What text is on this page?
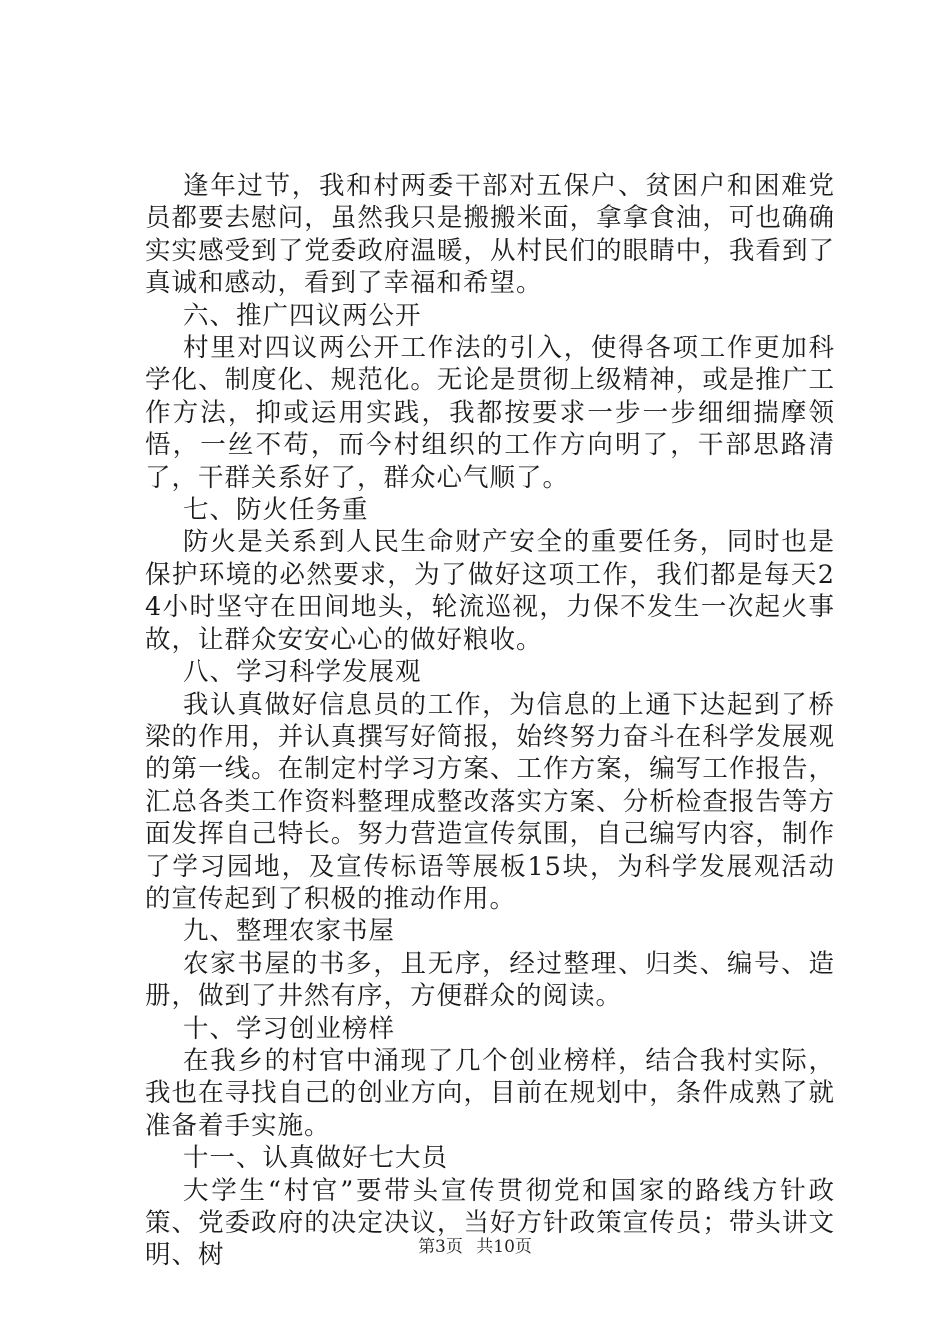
逢年过节，我和村两委干部对五保户、贫困户和困难党员都要去慰问，虽然我只是搬搬米面，拿拿食油，可也确确实实感受到了党委政府温暖，从村民们的眼睛中，我看到了真诚和感动，看到了幸福和希望。

六、推广四议两公开

村里对四议两公开工作法的引入，使得各项工作更加科学化、制度化、规范化。无论是贯彻上级精神，或是推广工作方法，抑或运用实践，我都按要求一步一步细细揣摩领悟，一丝不苟，而今村组织的工作方向明了，干部思路清了，干群关系好了，群众心气顺了。

七、防火任务重

防火是关系到人民生命财产安全的重要任务，同时也是保护环境的必然要求，为了做好这项工作，我们都是每天24小时坚守在田间地头，轮流巡视，力保不发生一次起火事故，让群众安安心心的做好粮收。

八、学习科学发展观

我认真做好信息员的工作，为信息的上通下达起到了桥梁的作用，并认真撰写好简报，始终努力奋斗在科学发展观的第一线。在制定村学习方案、工作方案，编写工作报告，汇总各类工作资料整理成整改落实方案、分析检查报告等方面发挥自己特长。努力营造宣传氛围，自己编写内容，制作了学习园地，及宣传标语等展板15块，为科学发展观活动的宣传起到了积极的推动作用。

九、整理农家书屋

农家书屋的书多，且无序，经过整理、归类、编号、造册，做到了井然有序，方便群众的阅读。

十、学习创业榜样

在我乡的村官中涌现了几个创业榜样，结合我村实际，我也在寻找自己的创业方向，目前在规划中，条件成熟了就准备着手实施。

十一、认真做好七大员

大学生“村官”要带头宣传贯彻党和国家的路线方针政策、党委政府的决定决议，当好方针政策宣传员；带头讲文明、树	第3页 共10页
